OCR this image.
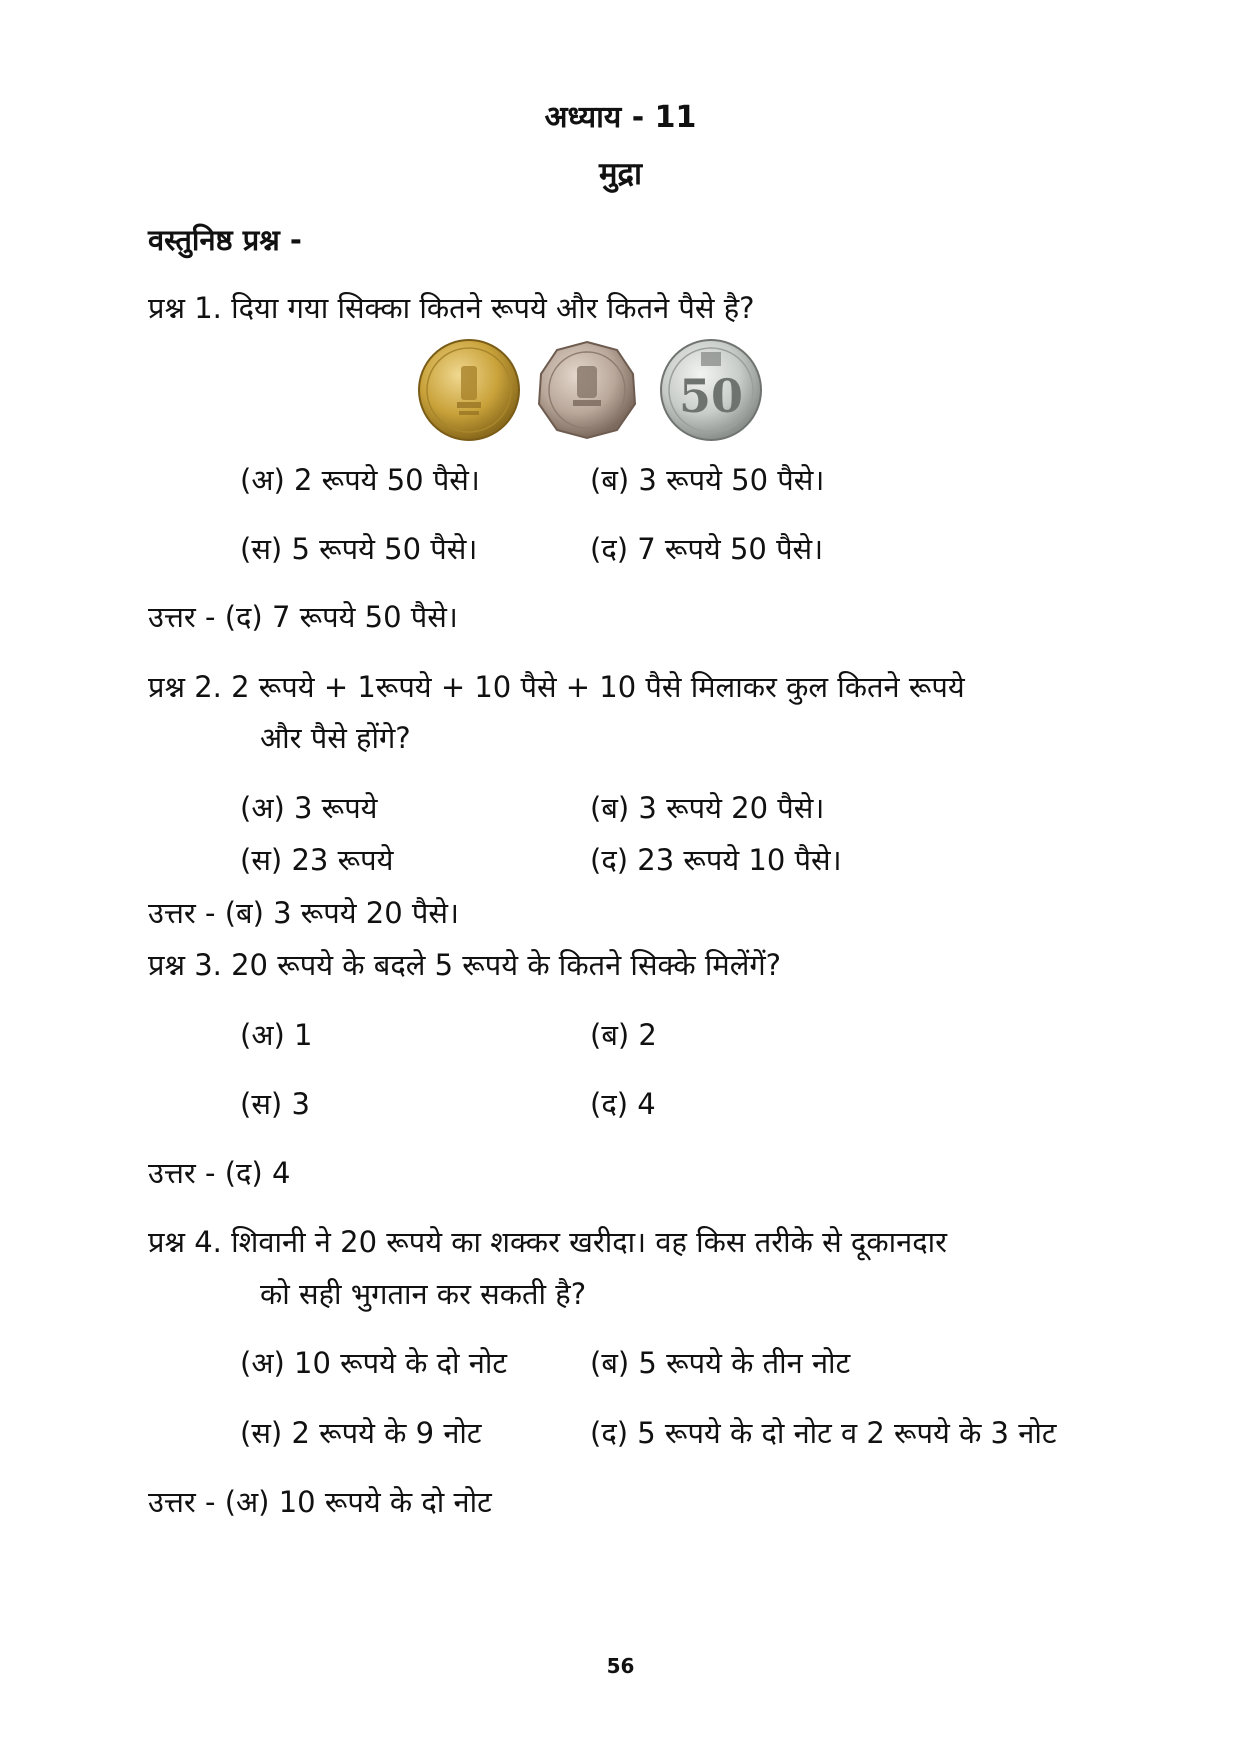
अध्याय - 11
मुद्रा
वस्तुनिष्ठ प्रश्न -
प्रश्न 1. दिया गया सिक्का कितने रूपये और कितने पैसे है?
50
(अ) 2 रूपये 50 पैसे।	(ब) 3 रूपये 50 पैसे।
(स) 5 रूपये 50 पैसे।	(द) 7 रूपये 50 पैसे।
उत्तर - (द) 7 रूपये 50 पैसे।
प्रश्न 2. 2 रूपये + 1रूपये + 10 पैसे + 10 पैसे मिलाकर कुल कितने रूपये
और पैसे होंगे?
(अ) 3 रूपये	(ब) 3 रूपये 20 पैसे।
(स) 23 रूपये	(द) 23 रूपये 10 पैसे।
उत्तर - (ब) 3 रूपये 20 पैसे।
प्रश्न 3. 20 रूपये के बदले 5 रूपये के कितने सिक्के मिलेंगें?
(अ) 1	(ब) 2
(स) 3	(द) 4
उत्तर - (द) 4
प्रश्न 4. शिवानी ने 20 रूपये का शक्कर खरीदा। वह किस तरीके से दूकानदार
को सही भुगतान कर सकती है?
(अ) 10 रूपये के दो नोट	(ब) 5 रूपये के तीन नोट
(स) 2 रूपये के 9 नोट	(द) 5 रूपये के दो नोट व 2 रूपये के 3 नोट
उत्तर - (अ) 10 रूपये के दो नोट
56
